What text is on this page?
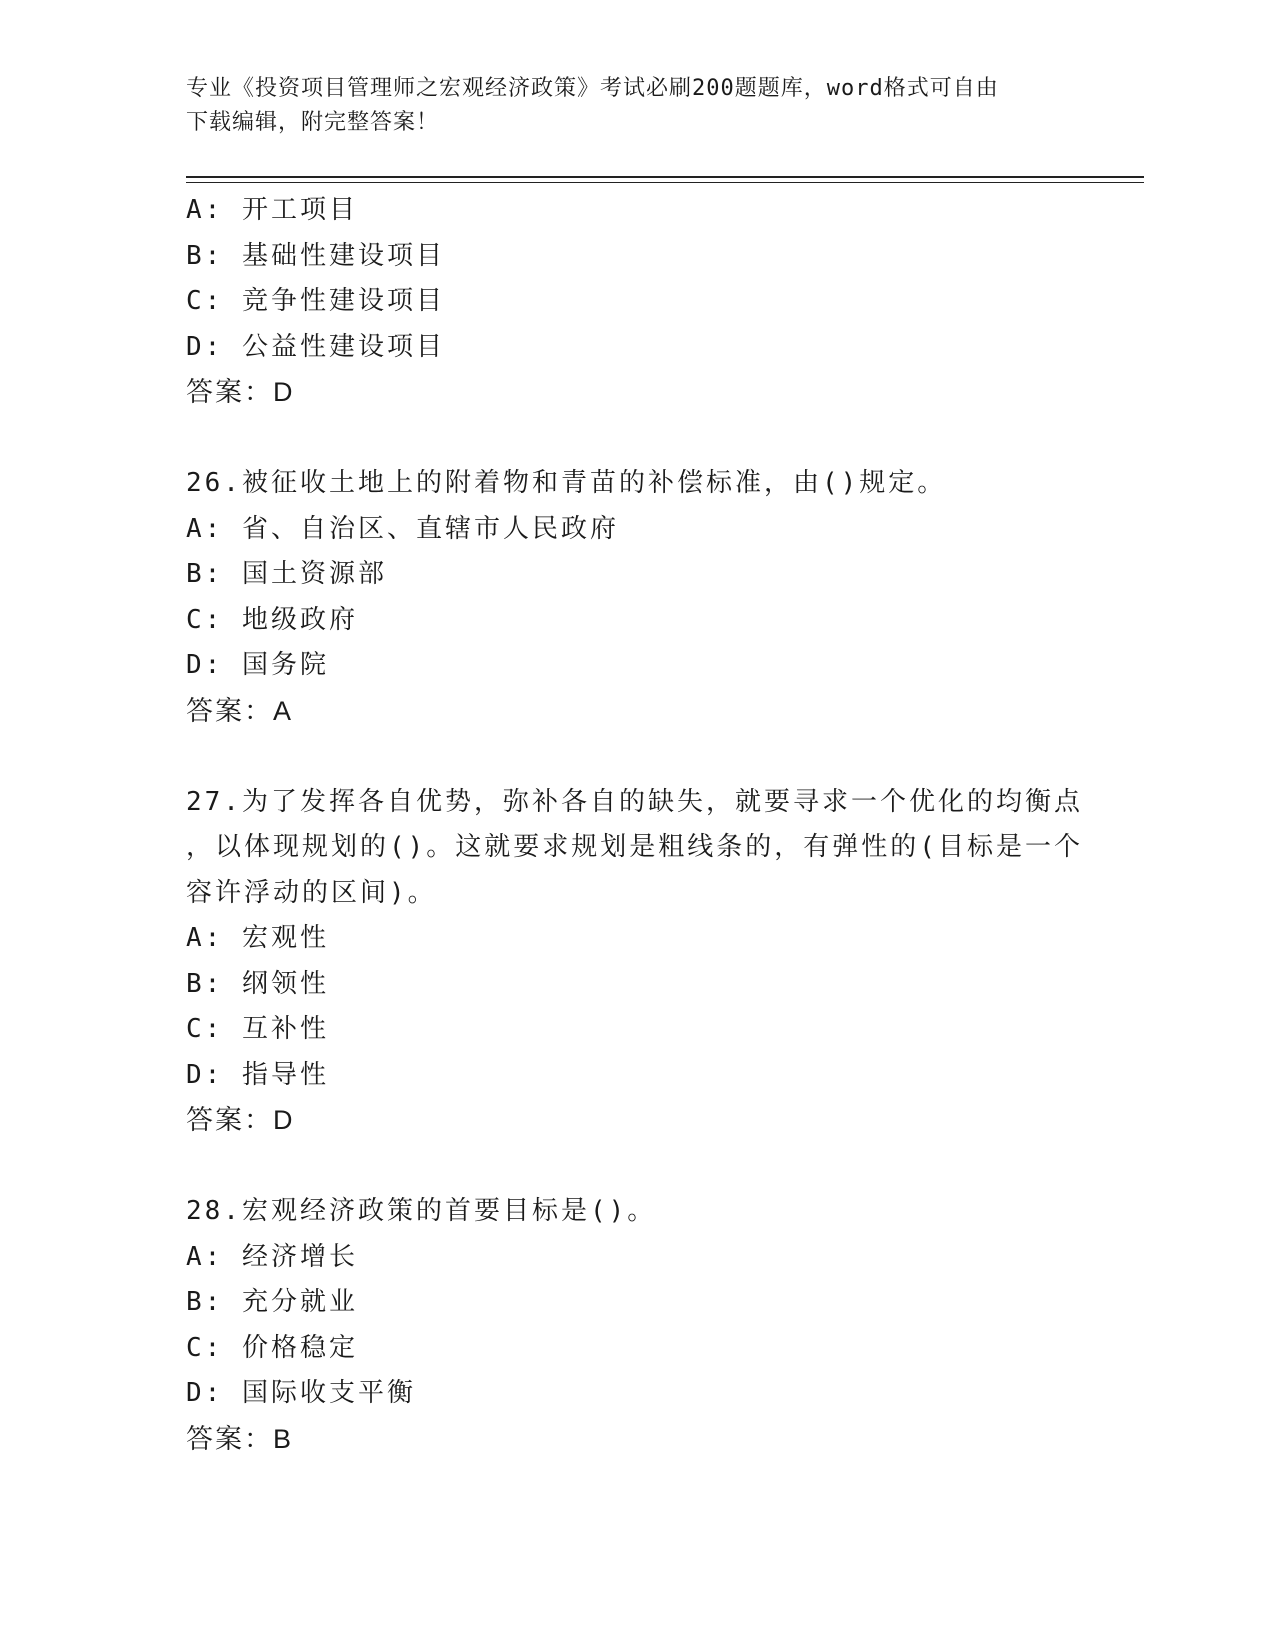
专业《投资项目管理师之宏观经济政策》考试必刷200题题库，word格式可自由
下载编辑，附完整答案！
A: 开工项目
B: 基础性建设项目
C: 竞争性建设项目
D: 公益性建设项目
答案：D
26.被征收土地上的附着物和青苗的补偿标准，由()规定。
A: 省、自治区、直辖市人民政府
B: 国土资源部
C: 地级政府
D: 国务院
答案：A
27.为了发挥各自优势，弥补各自的缺失，就要寻求一个优化的均衡点
，以体现规划的()。这就要求规划是粗线条的，有弹性的(目标是一个
容许浮动的区间)。
A: 宏观性
B: 纲领性
C: 互补性
D: 指导性
答案：D
28.宏观经济政策的首要目标是()。
A: 经济增长
B: 充分就业
C: 价格稳定
D: 国际收支平衡
答案：B
